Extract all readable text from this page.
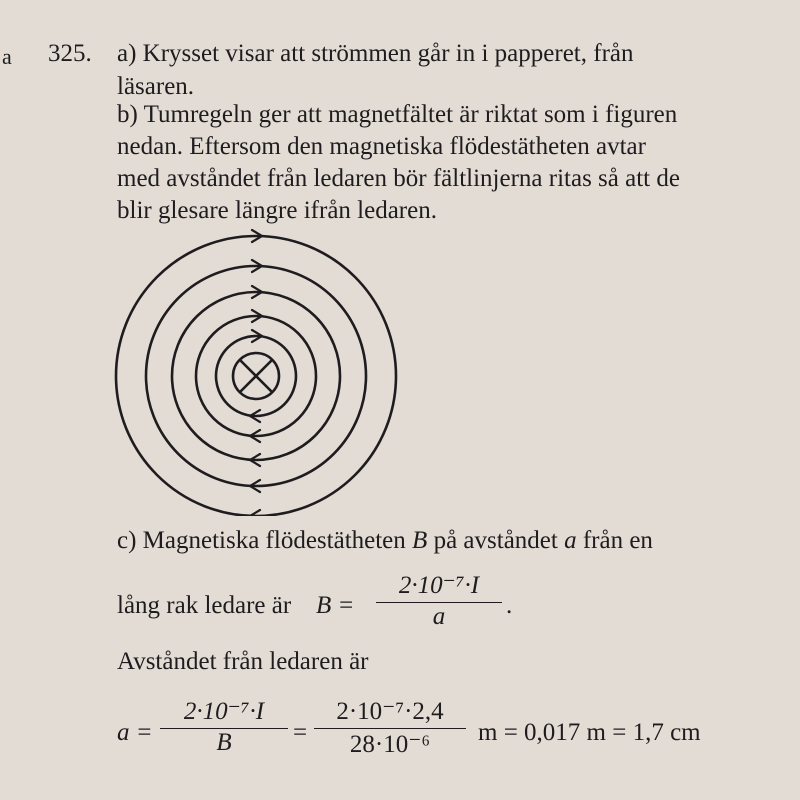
a 325. a) Krysset visar att strömmen går in i papperet, från
läsaren.
b) Tumregeln ger att magnetfältet är riktat som i figuren
nedan. Eftersom den magnetiska flödestätheten avtar
med avståndet från ledaren bör fältlinjerna ritas så att de
blir glesare längre ifrån ledaren.
c) Magnetiska flödestätheten B på avståndet a från en
lång rak ledare är B =
2·10⁻⁷·I
a	.
Avståndet från ledaren är
a =
2·10⁻⁷·I
B	=
2·10⁻⁷·2,4
28·10⁻⁶	m = 0,017 m = 1,7 cm
